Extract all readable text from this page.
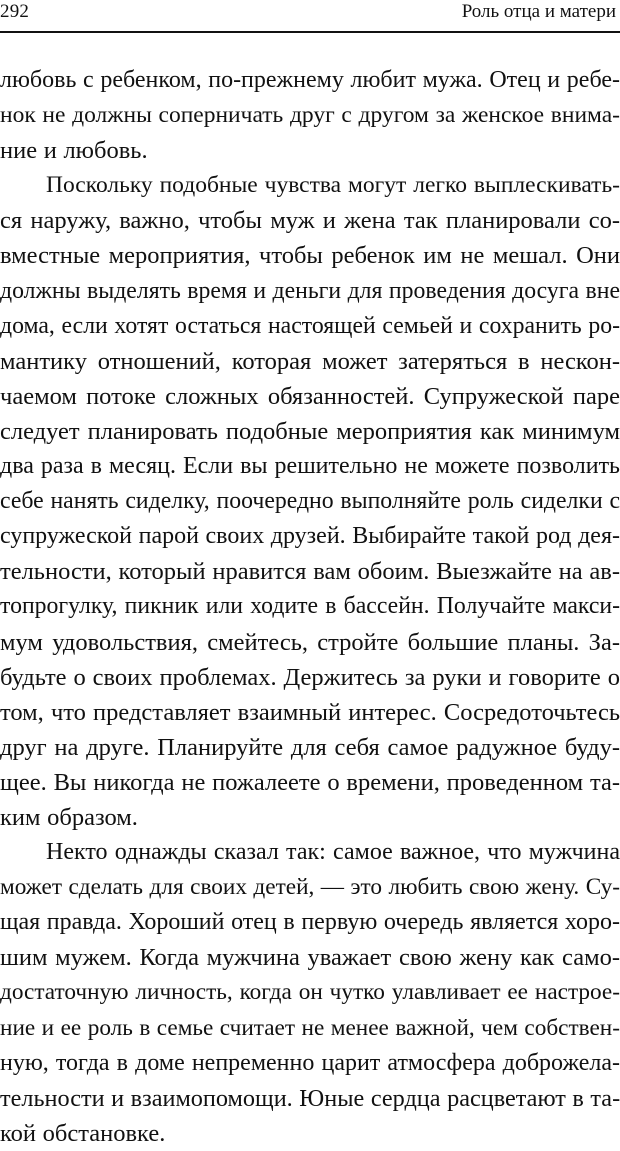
292	Роль отца и матери
любовь с ребенком, по-прежнему любит мужа. Отец и ребе-
нок не должны соперничать друг с другом за женское внима-
ние и любовь.
Поскольку подобные чувства могут легко выплескивать-
ся наружу, важно, чтобы муж и жена так планировали со-
вместные мероприятия, чтобы ребенок им не мешал. Они
должны выделять время и деньги для проведения досуга вне
дома, если хотят остаться настоящей семьей и сохранить ро-
мантику отношений, которая может затеряться в нескон-
чаемом потоке сложных обязанностей. Супружеской паре
следует планировать подобные мероприятия как минимум
два раза в месяц. Если вы решительно не можете позволить
себе нанять сиделку, поочередно выполняйте роль сиделки с
супружеской парой своих друзей. Выбирайте такой род дея-
тельности, который нравится вам обоим. Выезжайте на ав-
топрогулку, пикник или ходите в бассейн. Получайте макси-
мум удовольствия, смейтесь, стройте большие планы. За-
будьте о своих проблемах. Держитесь за руки и говорите о
том, что представляет взаимный интерес. Сосредоточьтесь
друг на друге. Планируйте для себя самое радужное буду-
щее. Вы никогда не пожалеете о времени, проведенном та-
ким образом.
Некто однажды сказал так: самое важное, что мужчина
может сделать для своих детей, — это любить свою жену. Су-
щая правда. Хороший отец в первую очередь является хоро-
шим мужем. Когда мужчина уважает свою жену как само-
достаточную личность, когда он чутко улавливает ее настрое-
ние и ее роль в семье считает не менее важной, чем собствен-
ную, тогда в доме непременно царит атмосфера доброжела-
тельности и взаимопомощи. Юные сердца расцветают в та-
кой обстановке.
